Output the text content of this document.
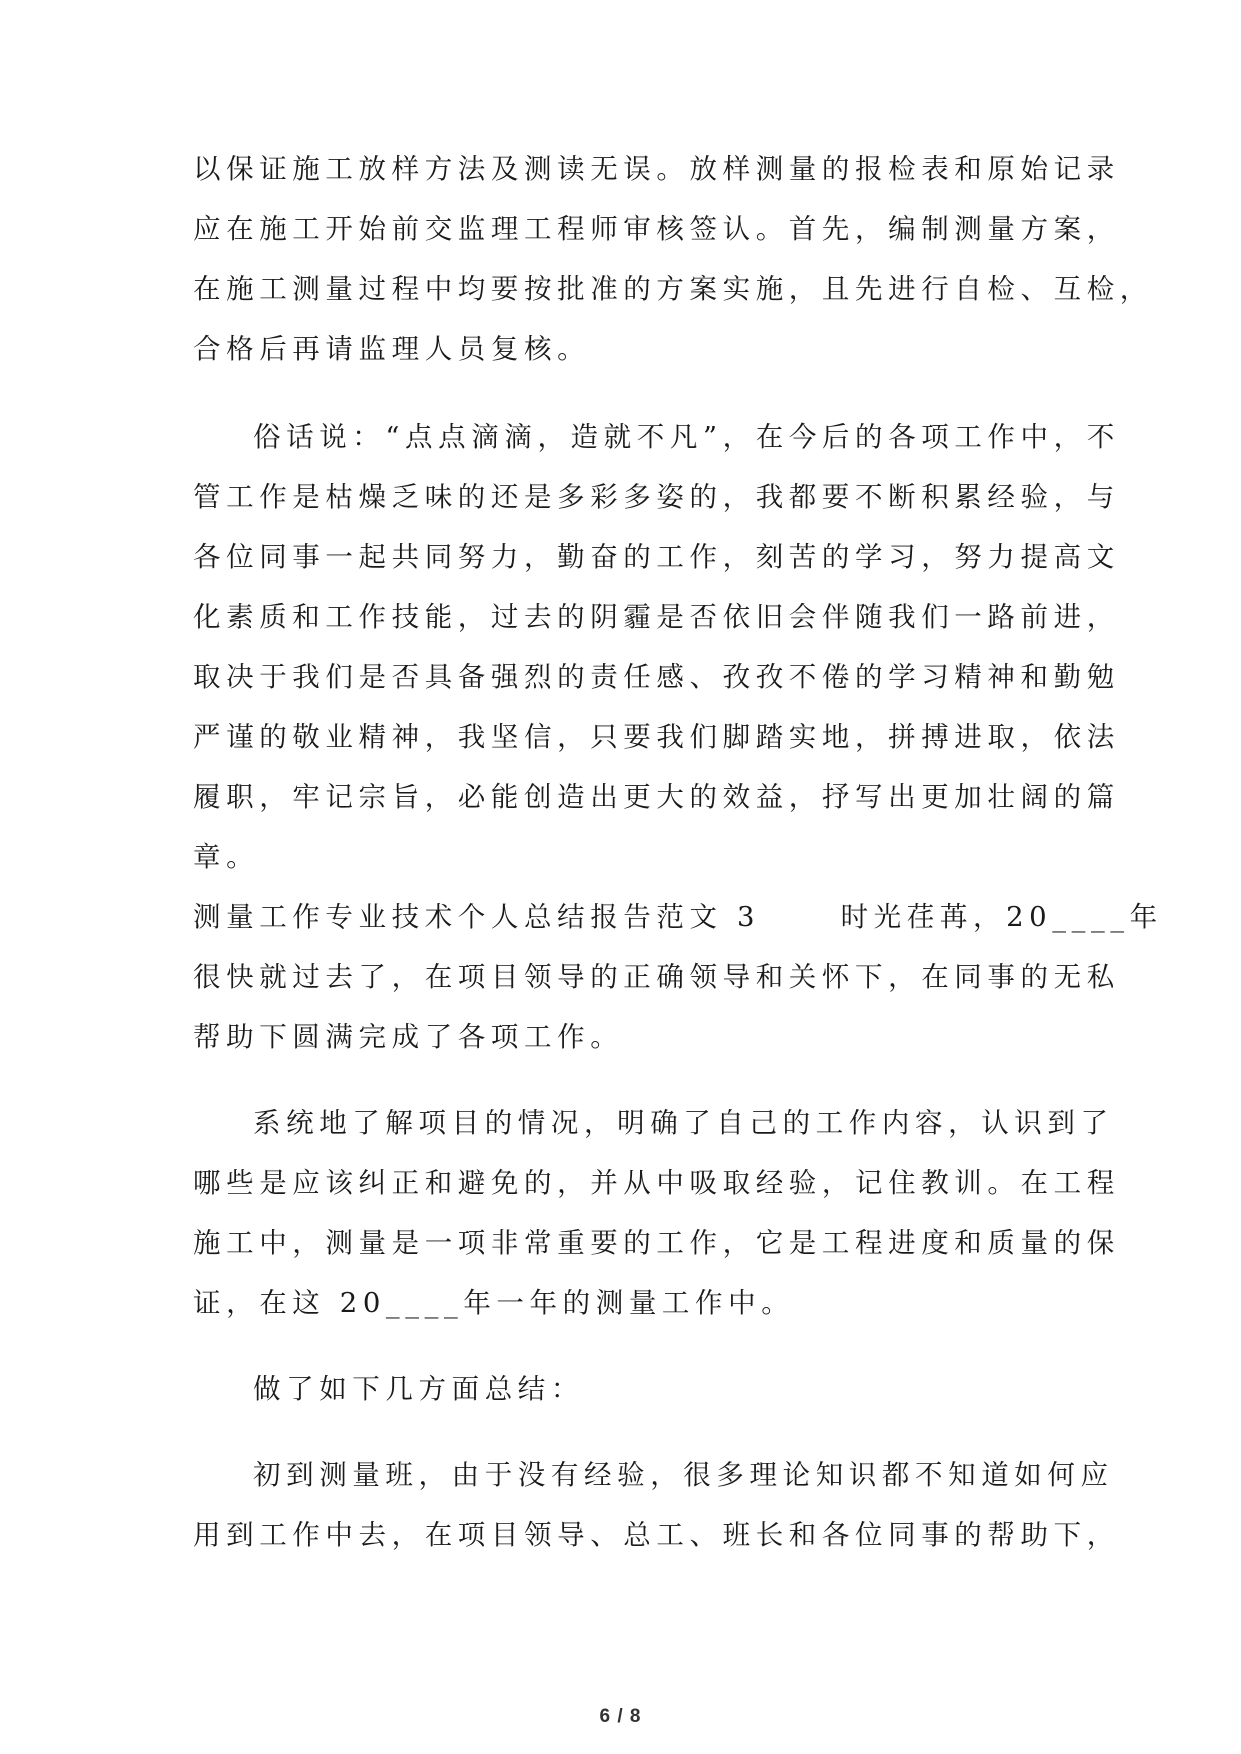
以保证施工放样方法及测读无误。放样测量的报检表和原始记录
应在施工开始前交监理工程师审核签认。首先，编制测量方案，
在施工测量过程中均要按批准的方案实施，且先进行自检、互检，
合格后再请监理人员复核。
俗话说：“点点滴滴，造就不凡”，在今后的各项工作中，不
管工作是枯燥乏味的还是多彩多姿的，我都要不断积累经验，与
各位同事一起共同努力，勤奋的工作，刻苦的学习，努力提高文
化素质和工作技能，过去的阴霾是否依旧会伴随我们一路前进，
取决于我们是否具备强烈的责任感、孜孜不倦的学习精神和勤勉
严谨的敬业精神，我坚信，只要我们脚踏实地，拼搏进取，依法
履职，牢记宗旨，必能创造出更大的效益，抒写出更加壮阔的篇
章。
测量工作专业技术个人总结报告范文 3 　　时光荏苒，20____年
很快就过去了，在项目领导的正确领导和关怀下，在同事的无私
帮助下圆满完成了各项工作。
系统地了解项目的情况，明确了自己的工作内容，认识到了
哪些是应该纠正和避免的，并从中吸取经验，记住教训。在工程
施工中，测量是一项非常重要的工作，它是工程进度和质量的保
证，在这 20____年一年的测量工作中。
做了如下几方面总结：
初到测量班，由于没有经验，很多理论知识都不知道如何应
用到工作中去，在项目领导、总工、班长和各位同事的帮助下，
6 / 8
